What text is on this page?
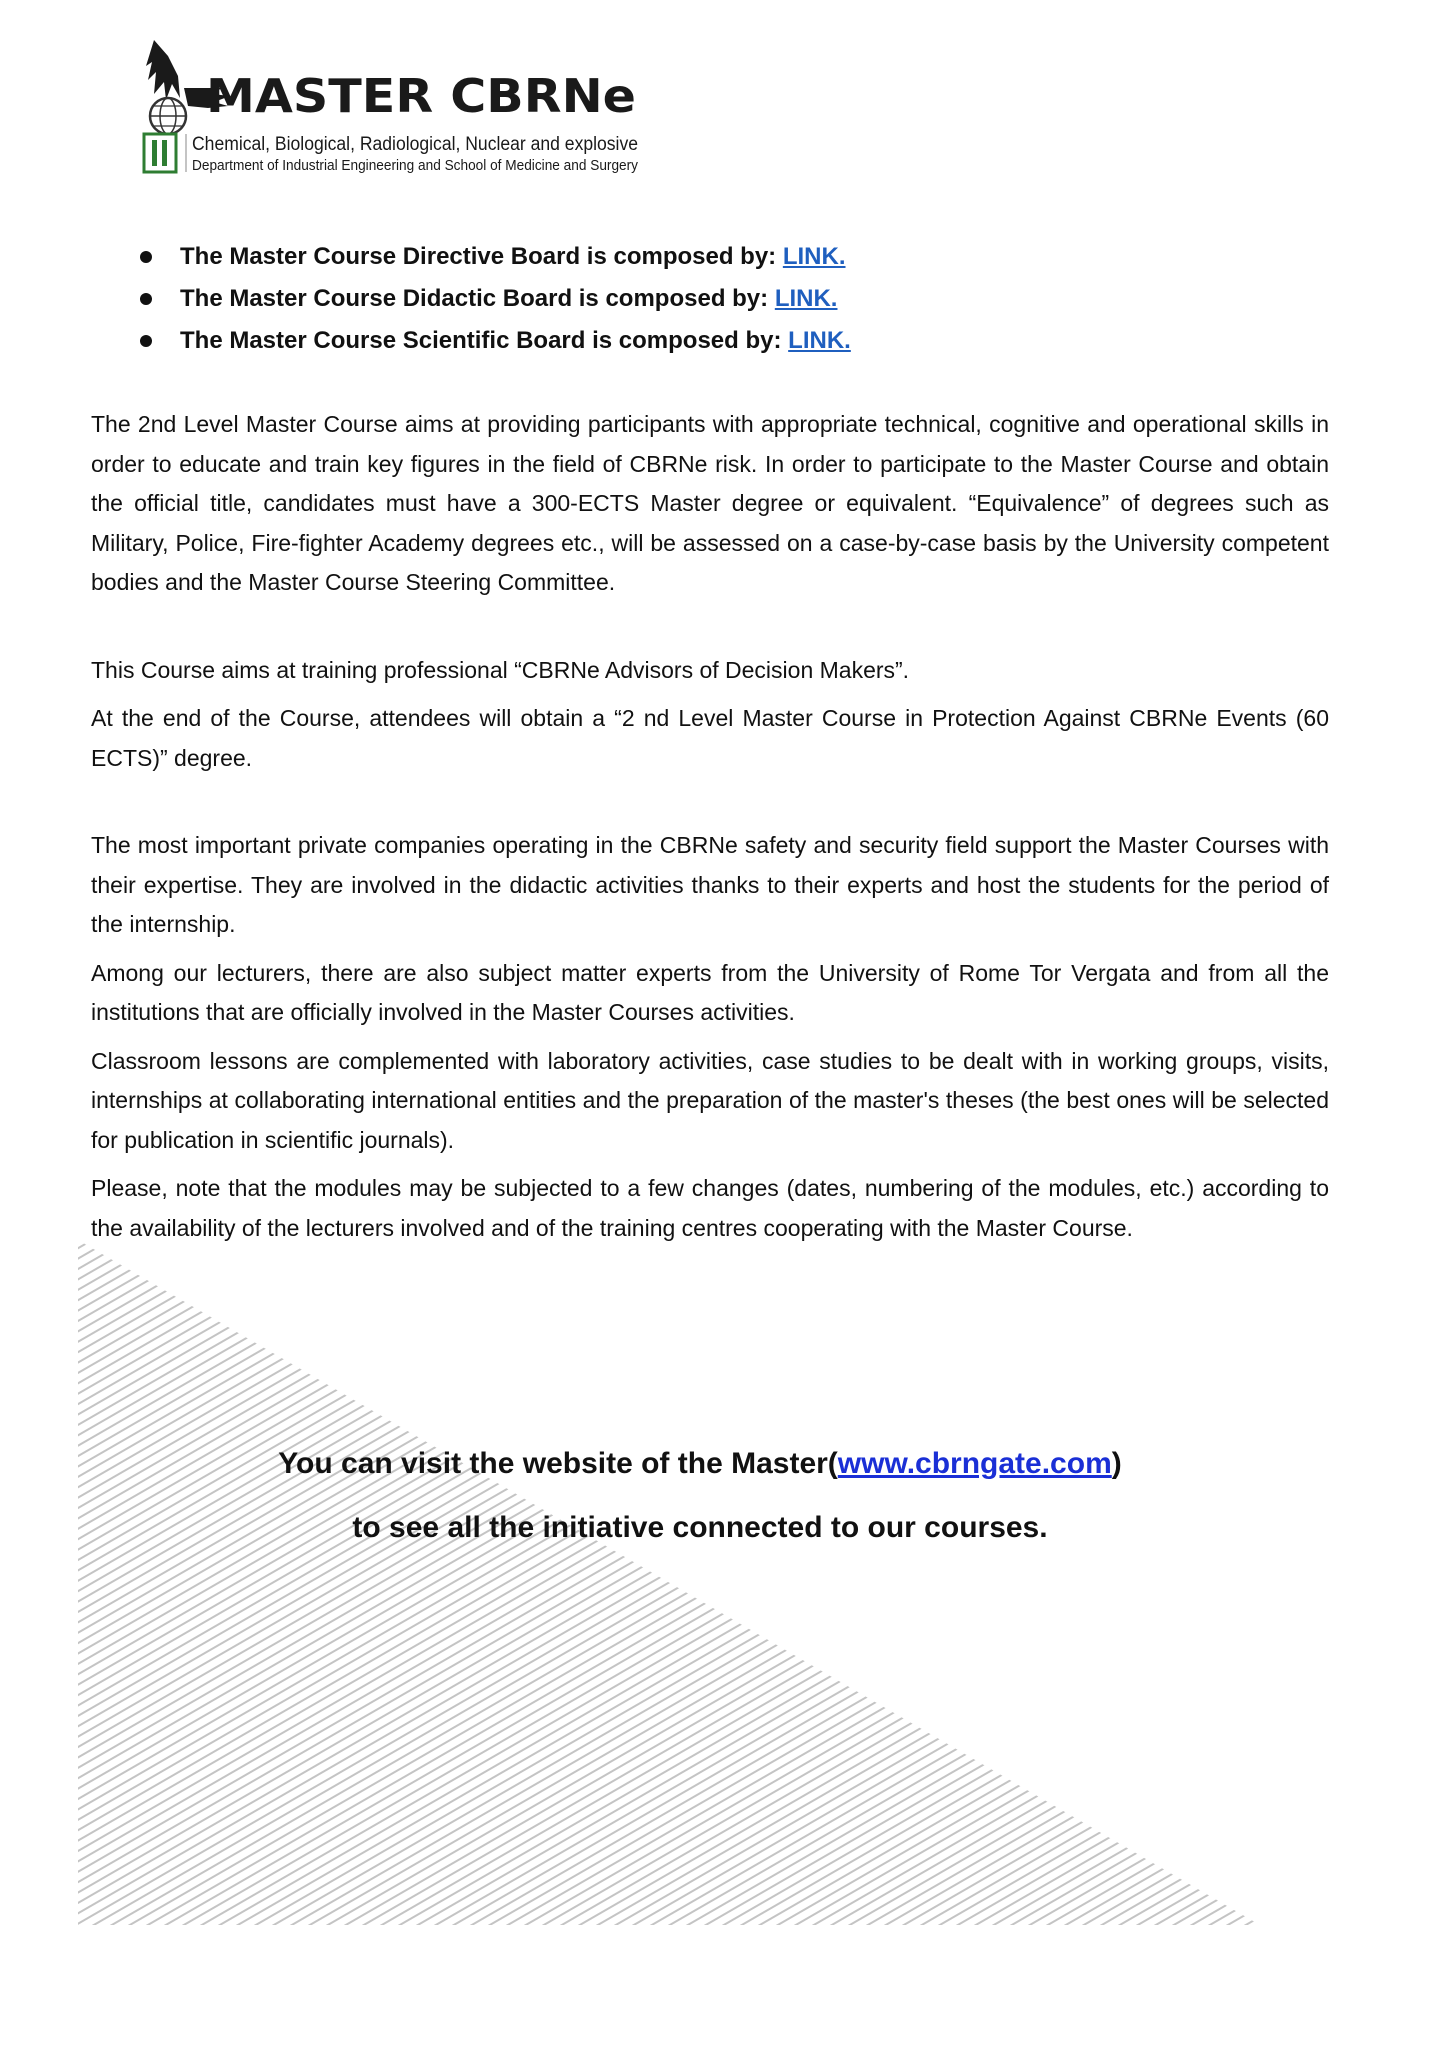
MASTER CBRNe
Chemical, Biological, Radiological, Nuclear and explosive
Department of Industrial Engineering and School of Medicine and Surgery
The Master Course Directive Board is composed by: LINK.
The Master Course Didactic Board is composed by: LINK.
The Master Course Scientific Board is composed by: LINK.

The 2nd Level Master Course aims at providing participants with appropriate technical, cognitive and operational skills in order to educate and train key figures in the field of CBRNe risk. In order to participate to the Master Course and obtain the official title, candidates must have a 300-ECTS Master degree or equivalent. “Equivalence” of degrees such as Military, Police, Fire-fighter Academy degrees etc., will be assessed on a case-by-case basis by the University competent bodies and the Master Course Steering Committee.

This Course aims at training professional “CBRNe Advisors of Decision Makers”.

At the end of the Course, attendees will obtain a “2 nd Level Master Course in Protection Against CBRNe Events (60 ECTS)” degree.

The most important private companies operating in the CBRNe safety and security field support the Master Courses with their expertise. They are involved in the didactic activities thanks to their experts and host the students for the period of the internship.

Among our lecturers, there are also subject matter experts from the University of Rome Tor Vergata and from all the institutions that are officially involved in the Master Courses activities.

Classroom lessons are complemented with laboratory activities, case studies to be dealt with in working groups, visits, internships at collaborating international entities and the preparation of the master's theses (the best ones will be selected for publication in scientific journals).

Please, note that the modules may be subjected to a few changes (dates, numbering of the modules, etc.) according to the availability of the lecturers involved and of the training centres cooperating with the Master Course.

You can visit the website of the Master(www.cbrngate.com)
to see all the initiative connected to our courses.
